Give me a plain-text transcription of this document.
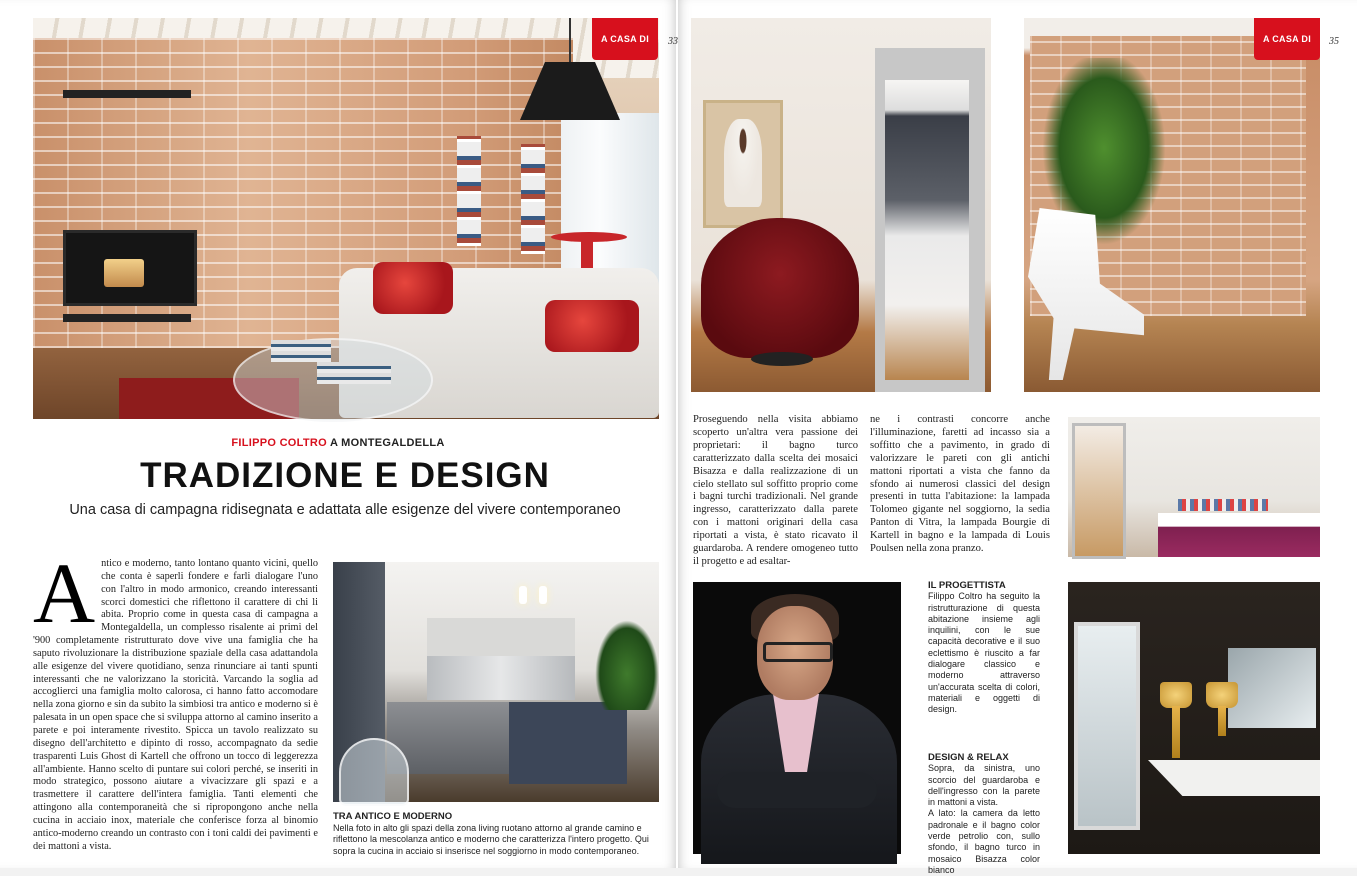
A CASA DI	33
FILIPPO COLTRO A MONTEGALDELLA
TRADIZIONE E DESIGN
Una casa di campagna ridisegnata e adattata alle esigenze del vivere contemporaneo
Antico e moderno, tanto lontano quanto vicini, quello che conta è saperli fondere e farli dialogare l'uno con l'altro in modo armonico, creando interessanti scorci domestici che riflettono il carattere di chi li abita. Proprio come in questa casa di campagna a Montegaldella, un complesso risalente ai primi del '900 completamente ristrutturato dove vive una famiglia che ha saputo rivoluzionare la distribuzione spaziale della casa adattandola alle esigenze del vivere quotidiano, senza rinunciare ai tanti spunti interessanti che ne valorizzano la storicità. Varcando la soglia ad accoglierci una famiglia molto calorosa, ci hanno fatto accomodare nella zona giorno e sin da subito la simbiosi tra antico e moderno si è palesata in un open space che si sviluppa attorno al camino inserito a parete e poi interamente rivestito. Spicca un tavolo realizzato su disegno dell'architetto e dipinto di rosso, accompagnato da sedie trasparenti Luis Ghost di Kartell che offrono un tocco di leggerezza all'ambiente. Hanno scelto di puntare sui colori perché, se inseriti in modo strategico, possono aiutare a vivacizzare gli spazi e a trasmettere il carattere dell'intera famiglia. Tanti elementi che attingono alla contemporaneità che si ripropongono anche nella cucina in acciaio inox, materiale che conferisce forza al binomio antico-moderno creando un contrasto con i toni caldi dei pavimenti e dei mattoni a vista.
TRA ANTICO E MODERNO
Nella foto in alto gli spazi della zona living ruotano attorno al grande camino e riflettono la mescolanza antico e moderno che caratterizza l'intero progetto. Qui sopra la cucina in acciaio si inserisce nel soggiorno in modo contemporaneo.
A CASA DI	35
Proseguendo nella visita abbiamo scoperto un'altra vera passione dei proprietari: il bagno turco caratterizzato dalla scelta dei mosaici Bisazza e dalla realizzazione di un cielo stellato sul soffitto proprio come i bagni turchi tradizionali. Nel grande ingresso, caratterizzato dalla parete con i mattoni originari della casa riportati a vista, è stato ricavato il guardaroba. A rendere omogeneo tutto il progetto e ad esaltar-
ne i contrasti concorre anche l'illuminazione, faretti ad incasso sia a soffitto che a pavimento, in grado di valorizzare le pareti con gli antichi mattoni riportati a vista che fanno da sfondo ai numerosi classici del design presenti in tutta l'abitazione: la lampada Tolomeo gigante nel soggiorno, la sedia Panton di Vitra, la lampada Bourgie di Kartell in bagno e la lampada di Louis Poulsen nella zona pranzo.
IL PROGETTISTA
Filippo Coltro ha seguito la ristrutturazione di questa abitazione insieme agli inquilini, con le sue capacità decorative e il suo eclettismo è riuscito a far dialogare classico e moderno attraverso un'accurata scelta di colori, materiali e oggetti di design.
DESIGN & RELAX
Sopra, da sinistra, uno scorcio del guardaroba e dell'ingresso con la parete in mattoni a vista.
A lato: la camera da letto padronale e il bagno color verde petrolio con, sullo sfondo, il bagno turco in mosaico Bisazza color bianco
